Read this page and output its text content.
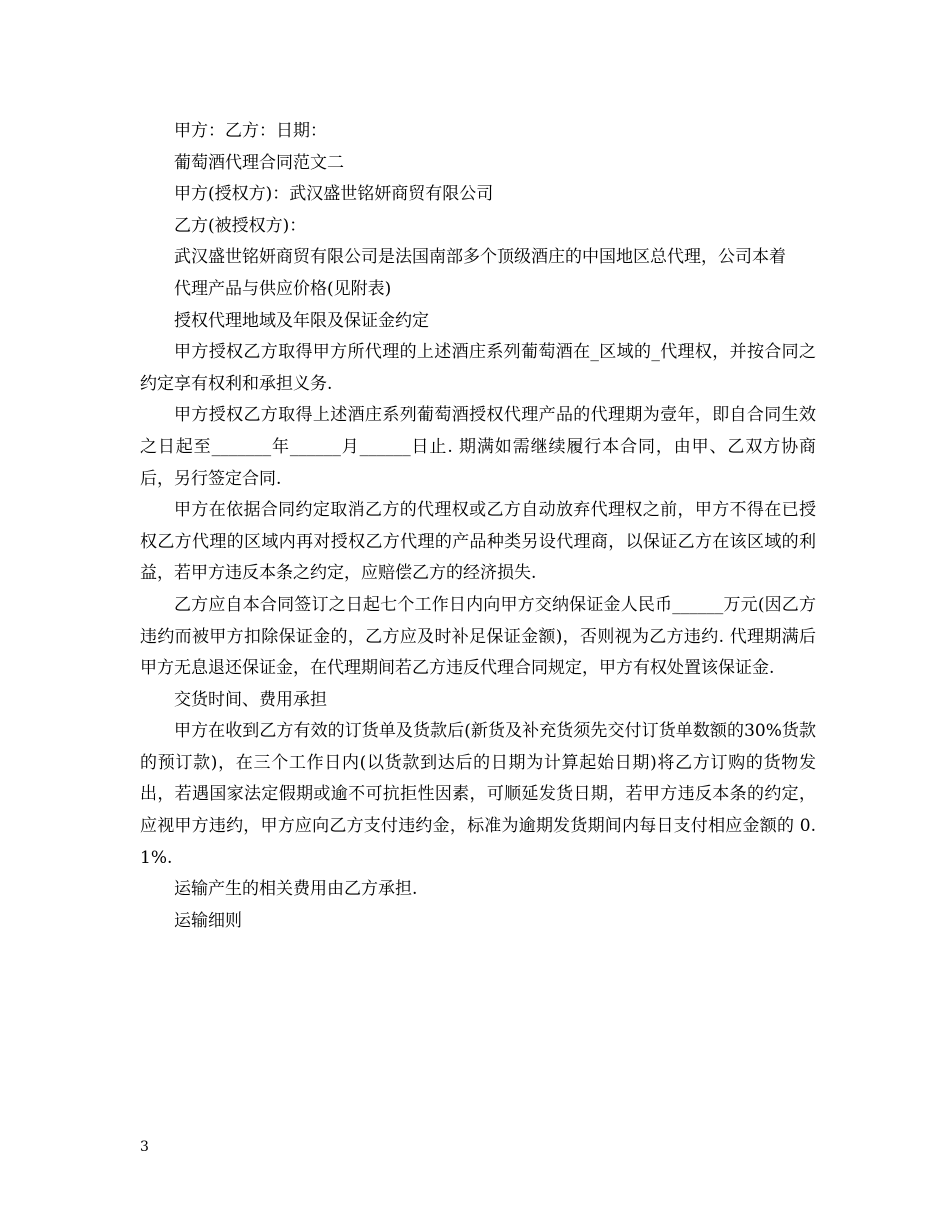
甲方：乙方：日期：

葡萄酒代理合同范文二

甲方(授权方)：武汉盛世铭妍商贸有限公司

乙方(被授权方)：

武汉盛世铭妍商贸有限公司是法国南部多个顶级酒庄的中国地区总代理，公司本着

代理产品与供应价格(见附表)

授权代理地域及年限及保证金约定

甲方授权乙方取得甲方所代理的上述酒庄系列葡萄酒在_区域的_代理权，并按合同之约定享有权利和承担义务.

甲方授权乙方取得上述酒庄系列葡萄酒授权代理产品的代理期为壹年，即自合同生效之日起至_______年______月______日止. 期满如需继续履行本合同，由甲、乙双方协商后，另行签定合同.

甲方在依据合同约定取消乙方的代理权或乙方自动放弃代理权之前，甲方不得在已授权乙方代理的区域内再对授权乙方代理的产品种类另设代理商，以保证乙方在该区域的利益，若甲方违反本条之约定，应赔偿乙方的经济损失.

乙方应自本合同签订之日起七个工作日内向甲方交纳保证金人民币______万元(因乙方违约而被甲方扣除保证金的，乙方应及时补足保证金额)，否则视为乙方违约. 代理期满后甲方无息退还保证金，在代理期间若乙方违反代理合同规定，甲方有权处置该保证金.

交货时间、费用承担

甲方在收到乙方有效的订货单及货款后(新货及补充货须先交付订货单数额的30%货款的预订款)，在三个工作日内(以货款到达后的日期为计算起始日期)将乙方订购的货物发出，若遇国家法定假期或逾不可抗拒性因素，可顺延发货日期，若甲方违反本条的约定，应视甲方违约，甲方应向乙方支付违约金，标准为逾期发货期间内每日支付相应金额的 0. 1%.

运输产生的相关费用由乙方承担.

运输细则

3
